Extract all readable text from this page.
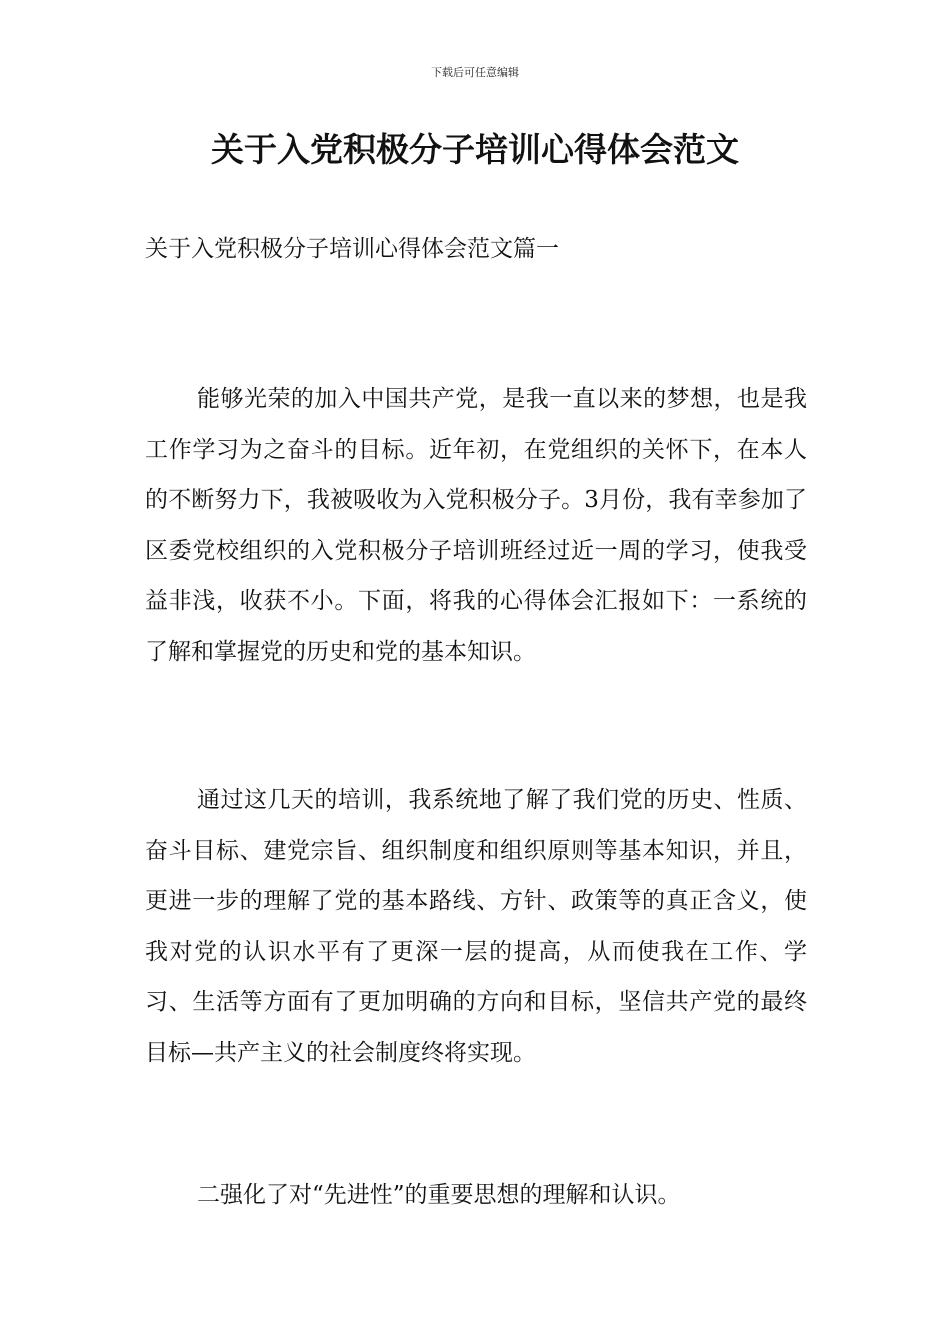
下载后可任意编辑
关于入党积极分子培训心得体会范文
关于入党积极分子培训心得体会范文篇一

能够光荣的加入中国共产党，是我一直以来的梦想，也是我工作学习为之奋斗的目标。近年初，在党组织的关怀下，在本人的不断努力下，我被吸收为入党积极分子。3月份，我有幸参加了区委党校组织的入党积极分子培训班经过近一周的学习，使我受益非浅，收获不小。下面，将我的心得体会汇报如下：一系统的了解和掌握党的历史和党的基本知识。

通过这几天的培训，我系统地了解了我们党的历史、性质、奋斗目标、建党宗旨、组织制度和组织原则等基本知识，并且，更进一步的理解了党的基本路线、方针、政策等的真正含义，使我对党的认识水平有了更深一层的提高，从而使我在工作、学习、生活等方面有了更加明确的方向和目标，坚信共产党的最终目标—共产主义的社会制度终将实现。

二强化了对“先进性”的重要思想的理解和认识。
